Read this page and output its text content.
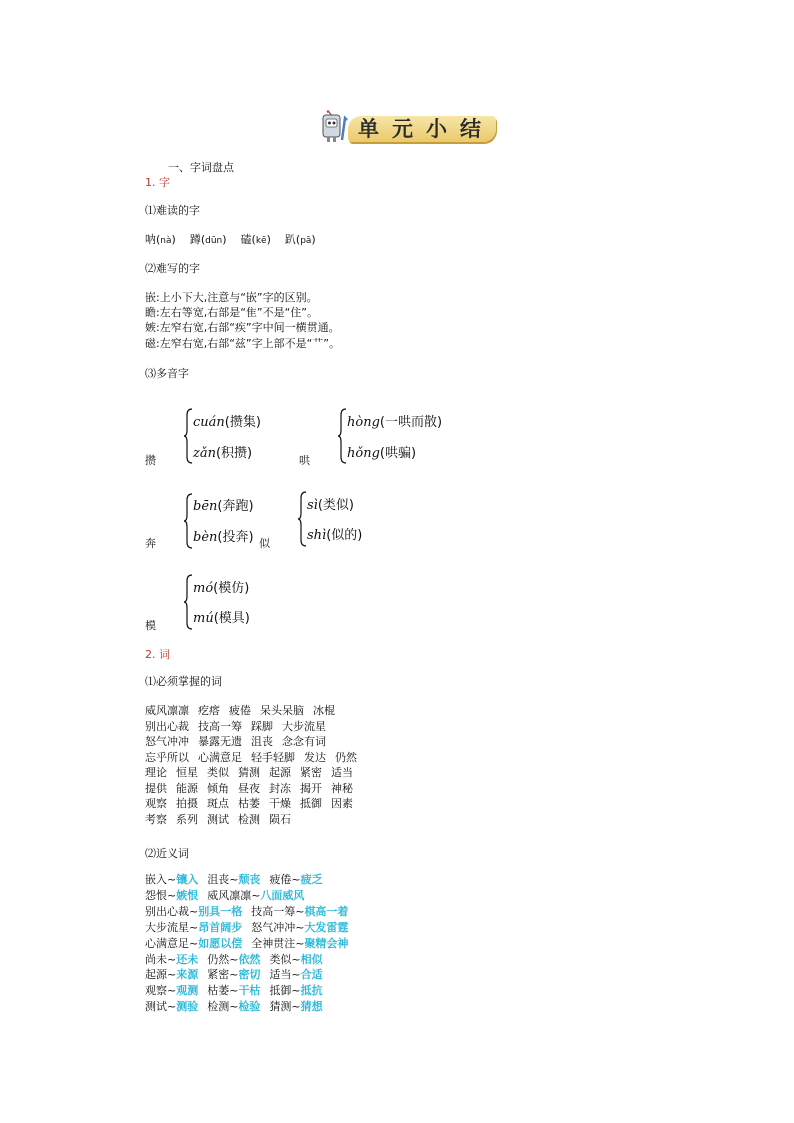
单元小结
一、字词盘点
1. 字
⑴难读的字
呐(nà) 蹲(dūn) 磕(kē) 趴(pā)
⑵难写的字
嵌:上小下大,注意与“嵌”字的区别。
瞻:左右等宽,右部是“隹”不是“住”。
嫉:左窄右宽,右部“疾”字中间一横贯通。
磁:左窄右宽,右部“兹”字上部不是“艹”。
⑶多音字
攒
cuán(攒集)
zǎn(积攒)	哄
hòng(一哄而散)
hǒng(哄骗)
奔
bēn(奔跑)
bèn(投奔) 似
sì(类似)
shì(似的)
模
mó(模仿)
mú(模具)
2. 词
⑴必须掌握的词
威风凛凛 疙瘩 疲倦 呆头呆脑 冰棍
别出心裁 技高一筹 踩脚 大步流星
怒气冲冲 暴露无遗 沮丧 念念有词
忘乎所以 心满意足 轻手轻脚 发达 仍然
理论 恒星 类似 猜测 起源 紧密 适当
提供 能源 倾角 昼夜 封冻 揭开 神秘
观察 拍摄 斑点 枯萎 干燥 抵御 因素
考察 系列 测试 检测 陨石
⑵近义词
嵌入~镶入 沮丧~颓丧 疲倦~疲乏
怨恨~嫉恨 威风凛凛~八面威风
别出心裁~别具一格 技高一筹~棋高一着
大步流星~昂首阔步 怒气冲冲~大发雷霆
心满意足~如愿以偿 全神贯注~聚精会神
尚未~还未 仍然~依然 类似~相似
起源~来源 紧密~密切 适当~合适
观察~观测 枯萎~干枯 抵御~抵抗
测试~测验 检测~检验 猜测~猜想
